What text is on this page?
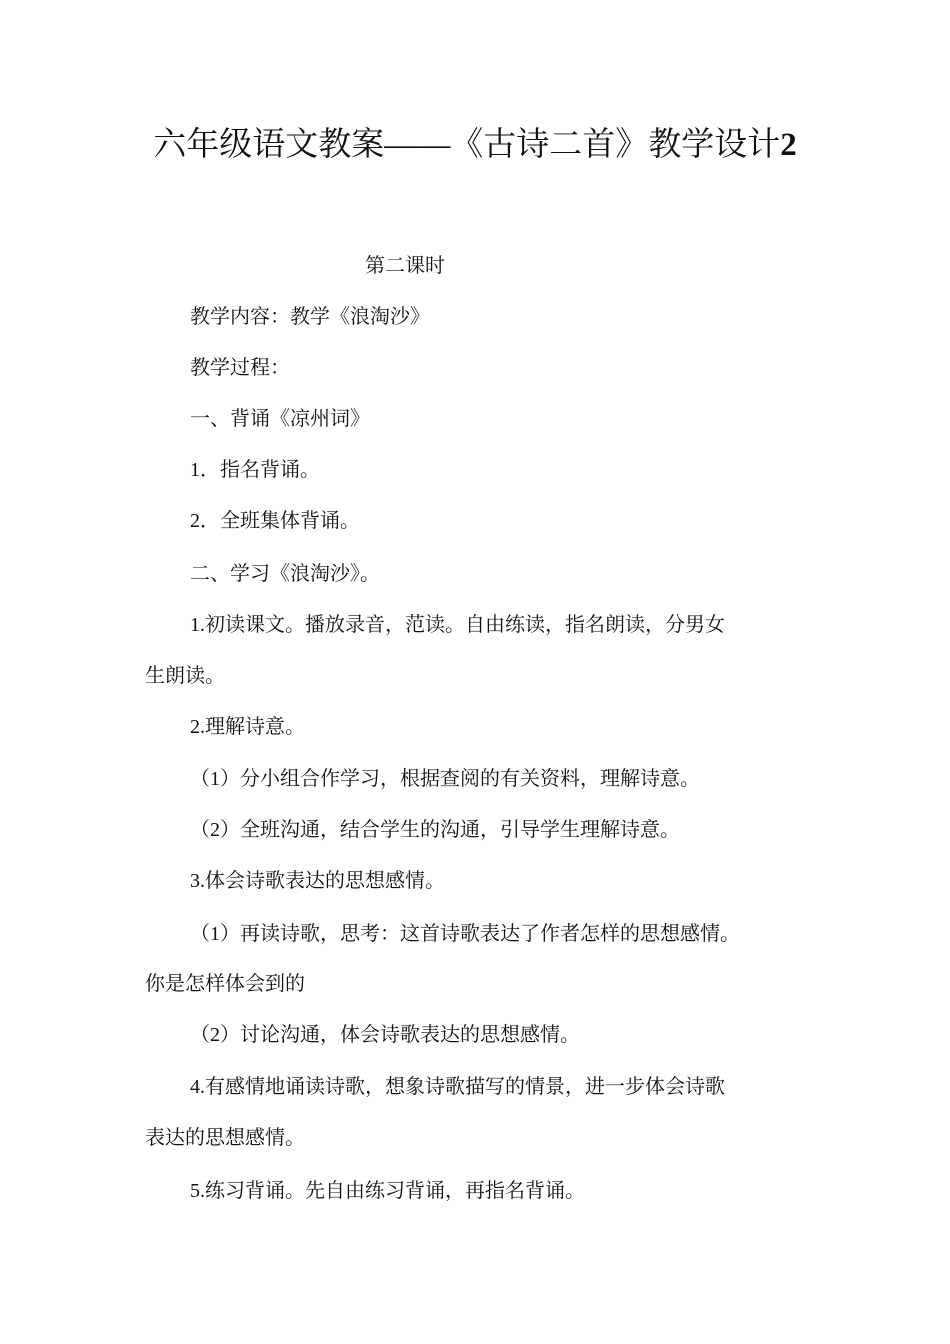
六年级语文教案——《古诗二首》教学设计2
第二课时
教学内容：教学《浪淘沙》
教学过程：
一、背诵《凉州词》
1．指名背诵。
2．全班集体背诵。
二、学习《浪淘沙》。
1.初读课文。播放录音，范读。自由练读，指名朗读，分男女
生朗读。
2.理解诗意。
（1）分小组合作学习，根据查阅的有关资料，理解诗意。
（2）全班沟通，结合学生的沟通，引导学生理解诗意。
3.体会诗歌表达的思想感情。
（1）再读诗歌，思考：这首诗歌表达了作者怎样的思想感情。
你是怎样体会到的
（2）讨论沟通，体会诗歌表达的思想感情。
4.有感情地诵读诗歌，想象诗歌描写的情景，进一步体会诗歌
表达的思想感情。
5.练习背诵。先自由练习背诵，再指名背诵。
